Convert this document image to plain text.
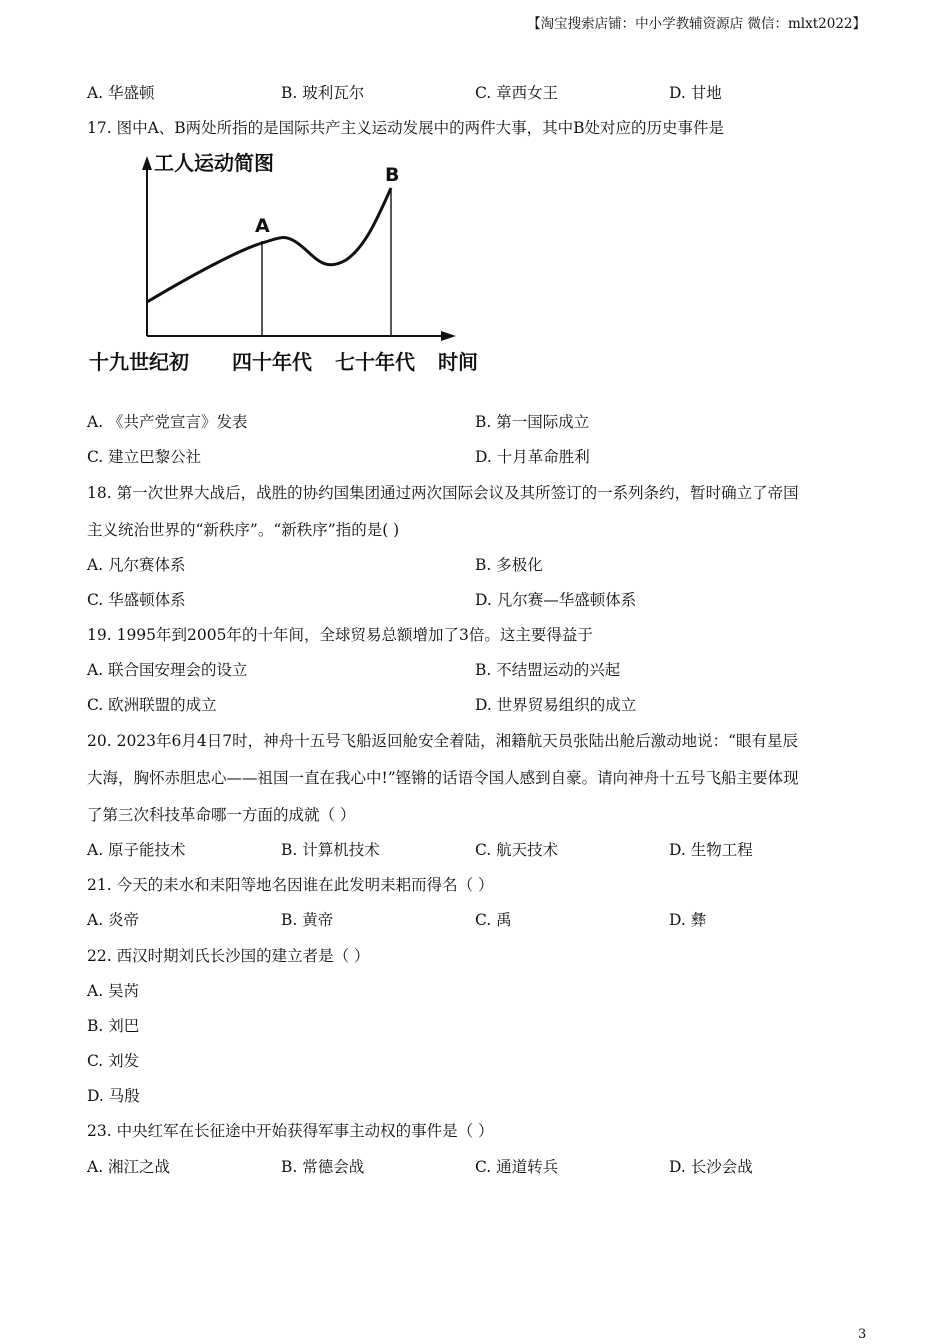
【淘宝搜索店铺：中小学教辅资源店 微信：mlxt2022】
A. 华盛顿	B. 玻利瓦尔	C. 章西女王	D. 甘地
17. 图中A、B两处所指的是国际共产主义运动发展中的两件大事，其中B处对应的历史事件是
工人运动简图
A
B
十九世纪初 四十年代 七十年代 时间
A. 《共产党宣言》发表	B. 第一国际成立
C. 建立巴黎公社	D. 十月革命胜利
18. 第一次世界大战后，战胜的协约国集团通过两次国际会议及其所签订的一系列条约，暂时确立了帝国
主义统治世界的“新秩序”。“新秩序”指的是( )
A. 凡尔赛体系	B. 多极化
C. 华盛顿体系	D. 凡尔赛—华盛顿体系
19. 1995年到2005年的十年间，全球贸易总额增加了3倍。这主要得益于
A. 联合国安理会的设立	B. 不结盟运动的兴起
C. 欧洲联盟的成立	D. 世界贸易组织的成立
20. 2023年6月4日7时，神舟十五号飞船返回舱安全着陆，湘籍航天员张陆出舱后激动地说：“眼有星辰
大海，胸怀赤胆忠心——祖国一直在我心中!”铿锵的话语令国人感到自豪。请向神舟十五号飞船主要体现
了第三次科技革命哪一方面的成就（ ）
A. 原子能技术	B. 计算机技术	C. 航天技术	D. 生物工程
21. 今天的耒水和耒阳等地名因谁在此发明耒耜而得名（ ）
A. 炎帝	B. 黄帝	C. 禹	D. 彝
22. 西汉时期刘氏长沙国的建立者是（ ）
A. 吴芮
B. 刘巴
C. 刘发
D. 马殷
23. 中央红军在长征途中开始获得军事主动权的事件是（ ）
A. 湘江之战	B. 常德会战	C. 通道转兵	D. 长沙会战
3
